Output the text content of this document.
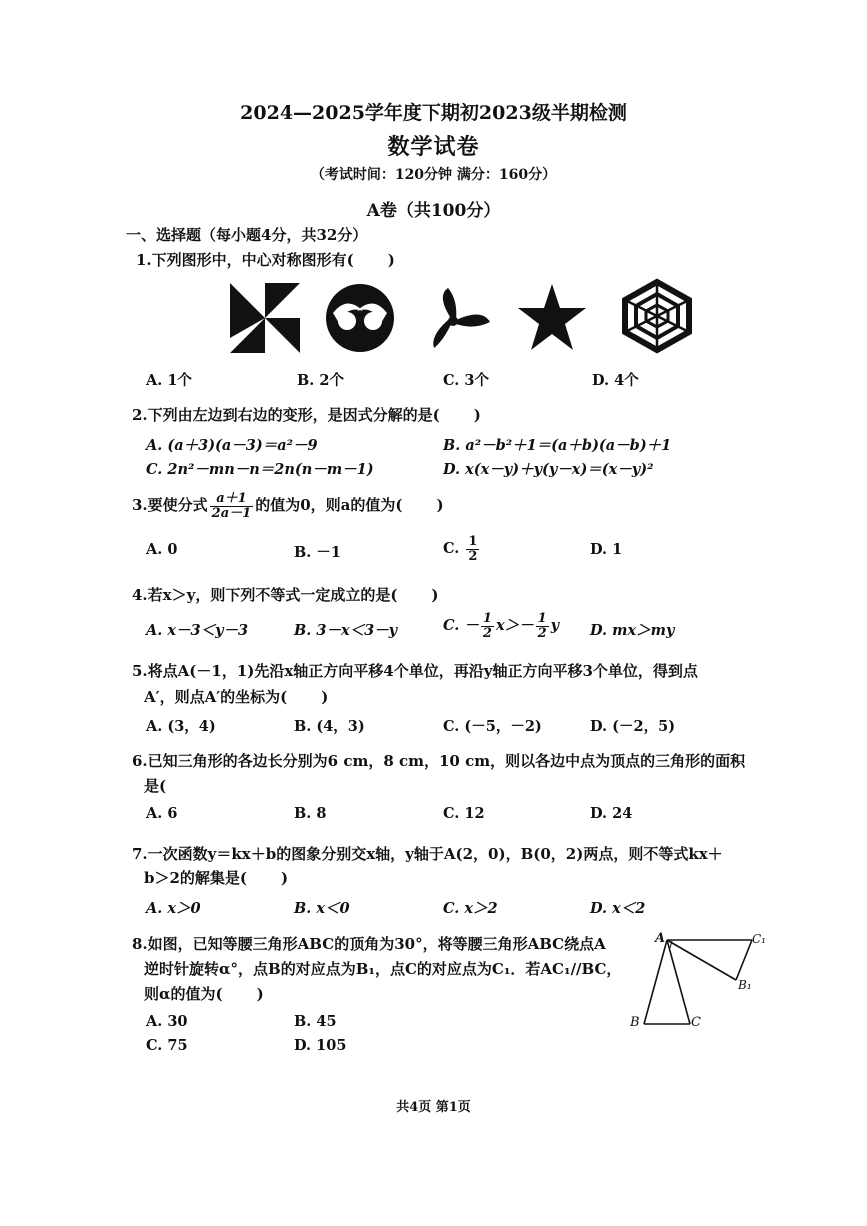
2024—2025学年度下期初2023级半期检测
数学试卷
（考试时间：120分钟 满分：160分）
A卷（共100分）
一、选择题（每小题4分，共32分）
1.下列图形中，中心对称图形有( )
A. 1个	B. 2个	C. 3个	D. 4个
2.下列由左边到右边的变形，是因式分解的是( )
A. (a＋3)(a－3)＝a²－9	B. a²－b²＋1＝(a＋b)(a－b)＋1
C. 2n²－mn－n＝2n(n－m－1)	D. x(x－y)＋y(y－x)＝(x－y)²
3.要使分式 $\frac{a+1}{2a-1}$ 的值为0，则a的值为( )
A. 0	B. －1	C. $\frac{1}{2}$	D. 1
4.若x＞y，则下列不等式一定成立的是( )
A. x－3＜y－3	B. 3－x＜3－y	C. － $\frac{1}{2} x>- \frac{1}{2}$ y D. mx＞my
5.将点A(－1，1)先沿x轴正方向平移4个单位，再沿y轴正方向平移3个单位，得到点
A′，则点A′的坐标为( )
A. (3，4)	B. (4，3)	C. (－5，－2)	D. (－2，5)
6.已知三角形的各边长分别为6 cm，8 cm，10 cm，则以各边中点为顶点的三角形的面积
是(
A. 6	B. 8	C. 12	D. 24
7.一次函数y＝kx＋b的图象分别交x轴，y轴于A(2，0)，B(0，2)两点，则不等式kx＋
b＞2的解集是( )
A. x＞0	B. x＜0	C. x＞2	D. x＜2
8.如图，已知等腰三角形ABC的顶角为30°，将等腰三角形ABC绕点A
逆时针旋转α°，点B的对应点为B₁，点C的对应点为C₁．若AC₁//BC，
则α的值为( )
A. 30	B. 45
C. 75	D. 105
A	C₁
B₁
B	C
共4页 第1页
